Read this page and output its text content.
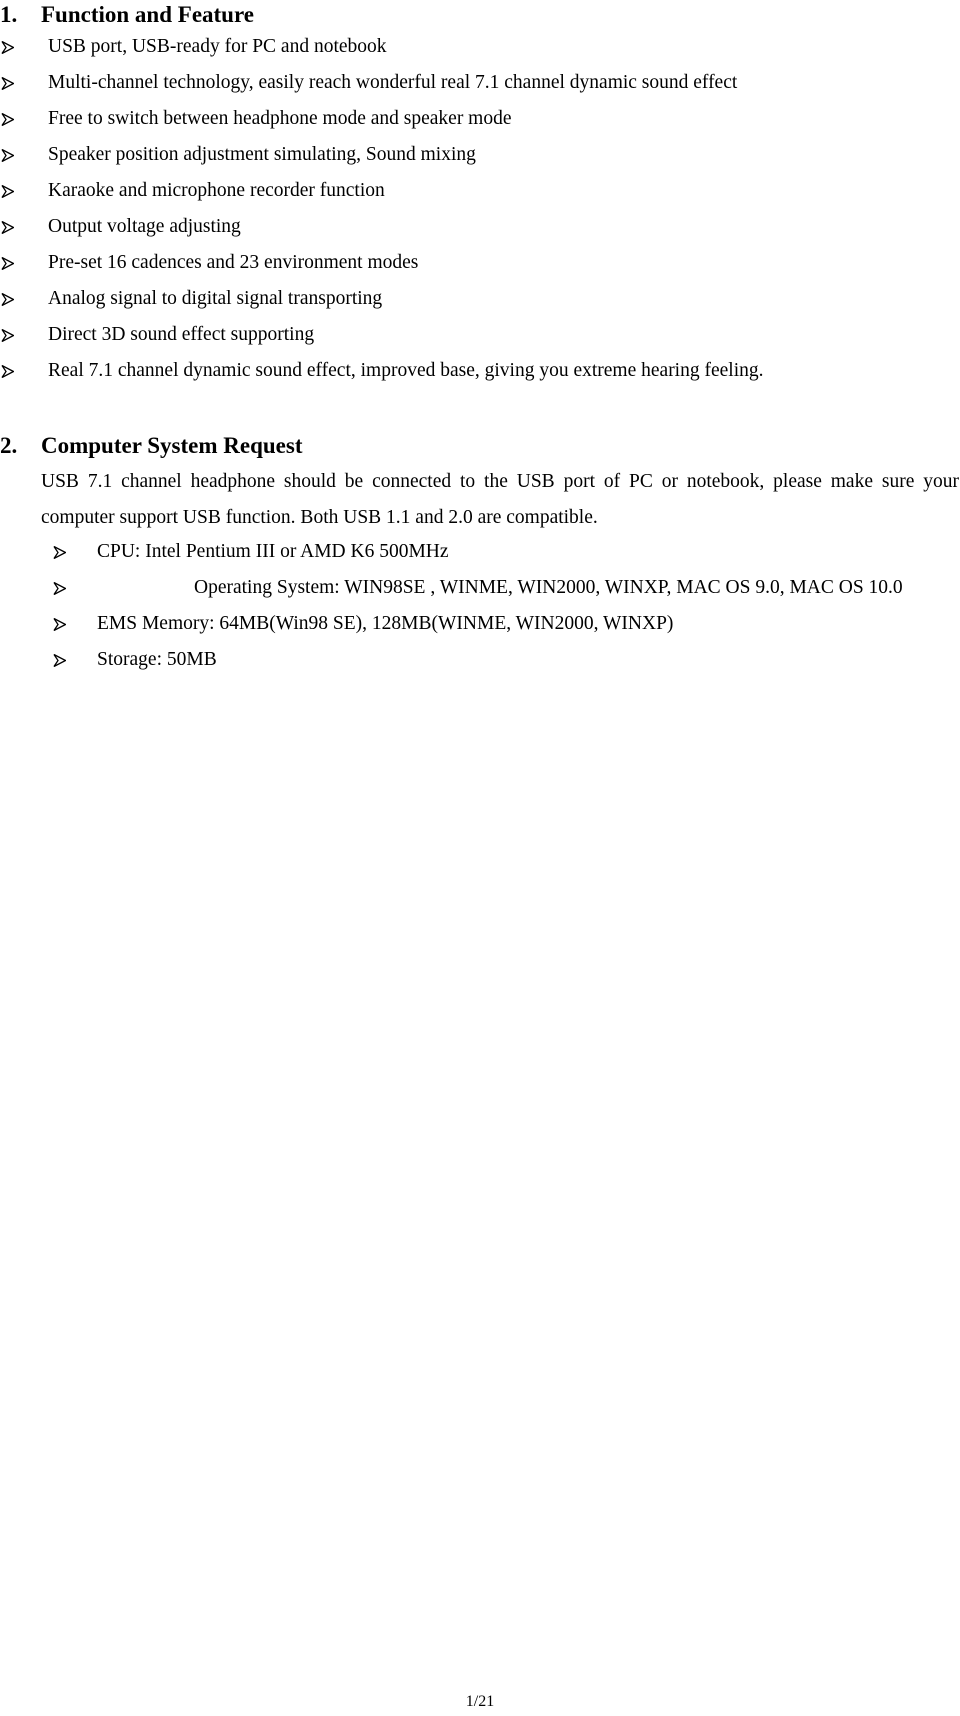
1. Function and Feature
USB port, USB-ready for PC and notebook
Multi-channel technology, easily reach wonderful real 7.1 channel dynamic sound effect
Free to switch between headphone mode and speaker mode
Speaker position adjustment simulating, Sound mixing
Karaoke and microphone recorder function
Output voltage adjusting
Pre-set 16 cadences and 23 environment modes
Analog signal to digital signal transporting
Direct 3D sound effect supporting
Real 7.1 channel dynamic sound effect, improved base, giving you extreme hearing feeling.
2. Computer System Request

USB 7.1 channel headphone should be connected to the USB port of PC or notebook, please make sure your computer support USB function. Both USB 1.1 and 2.0 are compatible.

CPU: Intel Pentium III or AMD K6 500MHz
Operating System: WIN98SE , WINME, WIN2000, WINXP, MAC OS 9.0, MAC OS 10.0
EMS Memory: 64MB(Win98 SE), 128MB(WINME, WIN2000, WINXP)
Storage: 50MB
1/21
